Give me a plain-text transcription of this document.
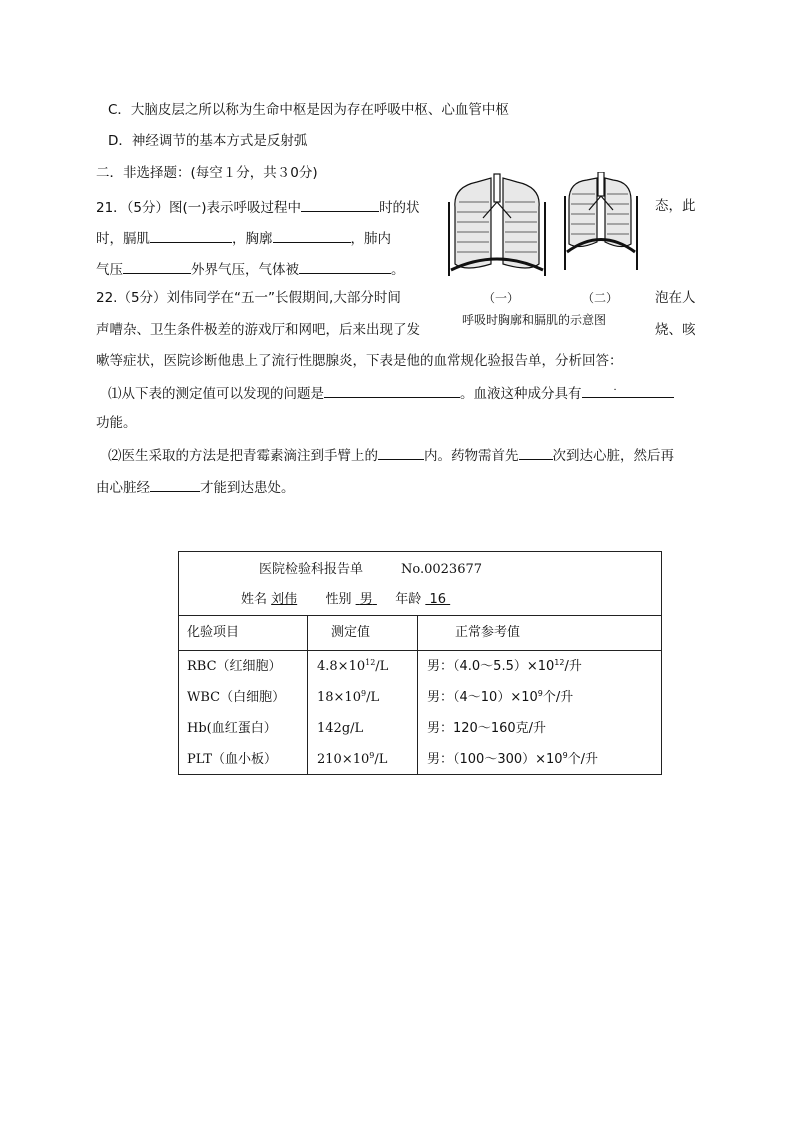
C．大脑皮层之所以称为生命中枢是因为存在呼吸中枢、心血管中枢
D．神经调节的基本方式是反射弧
二．非选择题：(每空１分，共３0分)
21．（5分）图(一)表示呼吸过程中	时的状	态，此
时，膈肌	，胸廓	，肺内
气压	外界气压，气体被	。
（一）	（二）
呼吸时胸廓和膈肌的示意图
22.（5分）刘伟同学在“五一”长假期间,大部分时间	泡在人
声嘈杂、卫生条件极差的游戏厅和网吧，后来出现了发	烧、咳
嗽等症状，医院诊断他患上了流行性腮腺炎，下表是他的血常规化验报告单，分析回答：
⑴从下表的测定值可以发现的问题是	。血液这种成分具有	．
功能。
⑵医生采取的方法是把青霉素滴注到手臂上的	内。药物需首先	次到达心脏，然后再
由心脏经	才能到达患处。
医院检验科报告单	No.0023677
姓名 刘伟 性别 男 年龄 16
化验项目	测定值	正常参考值
RBC（红细胞）	$4.8\times 10^{12}/L$	男：$(4.0\sim 5.5)\times 10^{12}/$升
WBC（白细胞） $18\times 10^9/L$	男：$(4\sim 10)\times 10^9$个/升
Hb(血红蛋白）	142g/L	男：120～160克/升
PLT（血小板）	$210\times 10^9/L$	男：$(100\sim 300)\times 10^9$个/升
